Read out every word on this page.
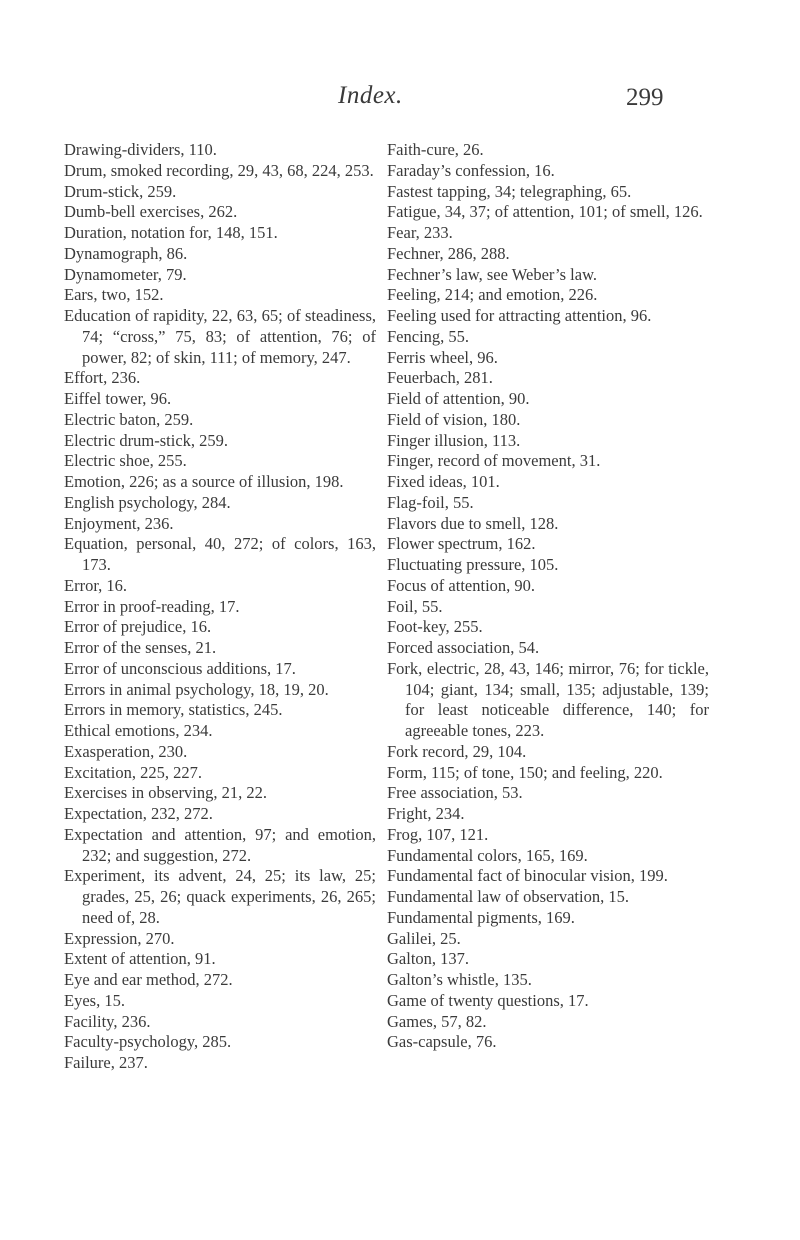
Index.	299
Drawing-dividers, 110.
Drum, smoked recording, 29, 43, 68, 224, 253.
Drum-stick, 259.
Dumb-bell exercises, 262.
Duration, notation for, 148, 151.
Dynamograph, 86.
Dynamometer, 79.
Ears, two, 152.
Education of rapidity, 22, 63, 65; of steadiness, 74; “cross,” 75, 83; of attention, 76; of power, 82; of skin, 111; of memory, 247.
Effort, 236.
Eiffel tower, 96.
Electric baton, 259.
Electric drum-stick, 259.
Electric shoe, 255.
Emotion, 226; as a source of illusion, 198.
English psychology, 284.
Enjoyment, 236.
Equation, personal, 40, 272; of colors, 163, 173.
Error, 16.
Error in proof-reading, 17.
Error of prejudice, 16.
Error of the senses, 21.
Error of unconscious additions, 17.
Errors in animal psychology, 18, 19, 20.
Errors in memory, statistics, 245.
Ethical emotions, 234.
Exasperation, 230.
Excitation, 225, 227.
Exercises in observing, 21, 22.
Expectation, 232, 272.
Expectation and attention, 97; and emotion, 232; and suggestion, 272.
Experiment, its advent, 24, 25; its law, 25; grades, 25, 26; quack experiments, 26, 265; need of, 28.
Expression, 270.
Extent of attention, 91.
Eye and ear method, 272.
Eyes, 15.
Facility, 236.
Faculty-psychology, 285.
Failure, 237.
Faith-cure, 26.
Faraday’s confession, 16.
Fastest tapping, 34; telegraphing, 65.
Fatigue, 34, 37; of attention, 101; of smell, 126.
Fear, 233.
Fechner, 286, 288.
Fechner’s law, see Weber’s law.
Feeling, 214; and emotion, 226.
Feeling used for attracting attention, 96.
Fencing, 55.
Ferris wheel, 96.
Feuerbach, 281.
Field of attention, 90.
Field of vision, 180.
Finger illusion, 113.
Finger, record of movement, 31.
Fixed ideas, 101.
Flag-foil, 55.
Flavors due to smell, 128.
Flower spectrum, 162.
Fluctuating pressure, 105.
Focus of attention, 90.
Foil, 55.
Foot-key, 255.
Forced association, 54.
Fork, electric, 28, 43, 146; mirror, 76; for tickle, 104; giant, 134; small, 135; adjustable, 139; for least noticeable difference, 140; for agreeable tones, 223.
Fork record, 29, 104.
Form, 115; of tone, 150; and feeling, 220.
Free association, 53.
Fright, 234.
Frog, 107, 121.
Fundamental colors, 165, 169.
Fundamental fact of binocular vision, 199.
Fundamental law of observation, 15.
Fundamental pigments, 169.
Galilei, 25.
Galton, 137.
Galton’s whistle, 135.
Game of twenty questions, 17.
Games, 57, 82.
Gas-capsule, 76.
